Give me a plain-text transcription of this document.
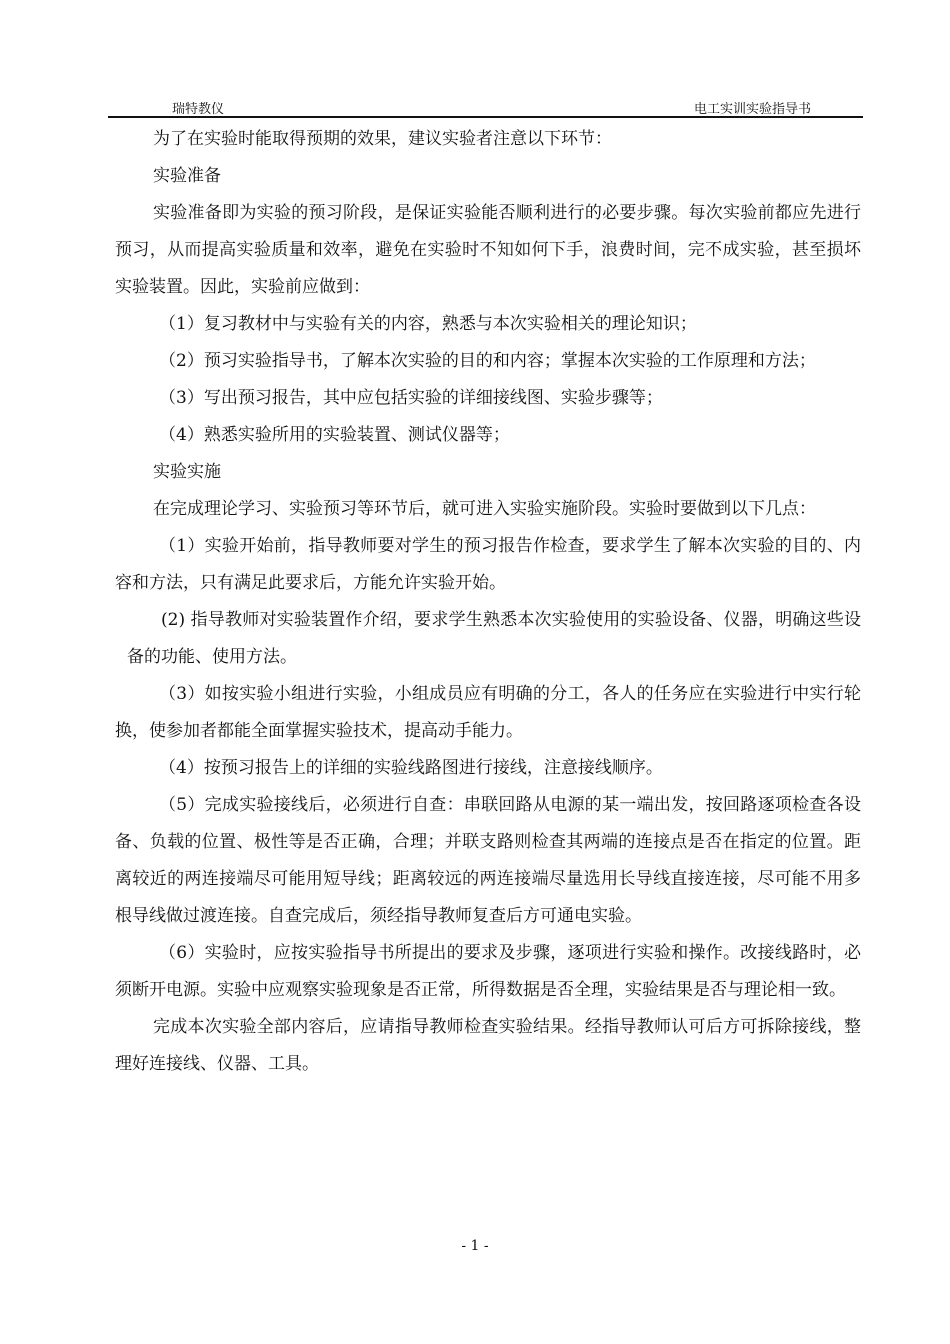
瑞特教仪	电工实训实验指导书

为了在实验时能取得预期的效果，建议实验者注意以下环节：

实验准备

实验准备即为实验的预习阶段，是保证实验能否顺利进行的必要步骤。每次实验前都应先进行预习，从而提高实验质量和效率，避免在实验时不知如何下手，浪费时间，完不成实验，甚至损坏实验装置。因此，实验前应做到：

（1）复习教材中与实验有关的内容，熟悉与本次实验相关的理论知识；

（2）预习实验指导书，了解本次实验的目的和内容；掌握本次实验的工作原理和方法；

（3）写出预习报告，其中应包括实验的详细接线图、实验步骤等；

（4）熟悉实验所用的实验装置、测试仪器等；

实验实施

在完成理论学习、实验预习等环节后，就可进入实验实施阶段。实验时要做到以下几点：

（1）实验开始前，指导教师要对学生的预习报告作检查，要求学生了解本次实验的目的、内容和方法，只有满足此要求后，方能允许实验开始。

(2) 指导教师对实验装置作介绍，要求学生熟悉本次实验使用的实验设备、仪器，明确这些设备的功能、使用方法。

（3）如按实验小组进行实验，小组成员应有明确的分工，各人的任务应在实验进行中实行轮换，使参加者都能全面掌握实验技术，提高动手能力。

（4）按预习报告上的详细的实验线路图进行接线，注意接线顺序。

（5）完成实验接线后，必须进行自查：串联回路从电源的某一端出发，按回路逐项检查各设备、负载的位置、极性等是否正确，合理；并联支路则检查其两端的连接点是否在指定的位置。距离较近的两连接端尽可能用短导线；距离较远的两连接端尽量选用长导线直接连接，尽可能不用多根导线做过渡连接。自查完成后，须经指导教师复查后方可通电实验。

（6）实验时，应按实验指导书所提出的要求及步骤，逐项进行实验和操作。改接线路时，必须断开电源。实验中应观察实验现象是否正常，所得数据是否全理，实验结果是否与理论相一致。

完成本次实验全部内容后，应请指导教师检查实验结果。经指导教师认可后方可拆除接线，整理好连接线、仪器、工具。

- 1 -
